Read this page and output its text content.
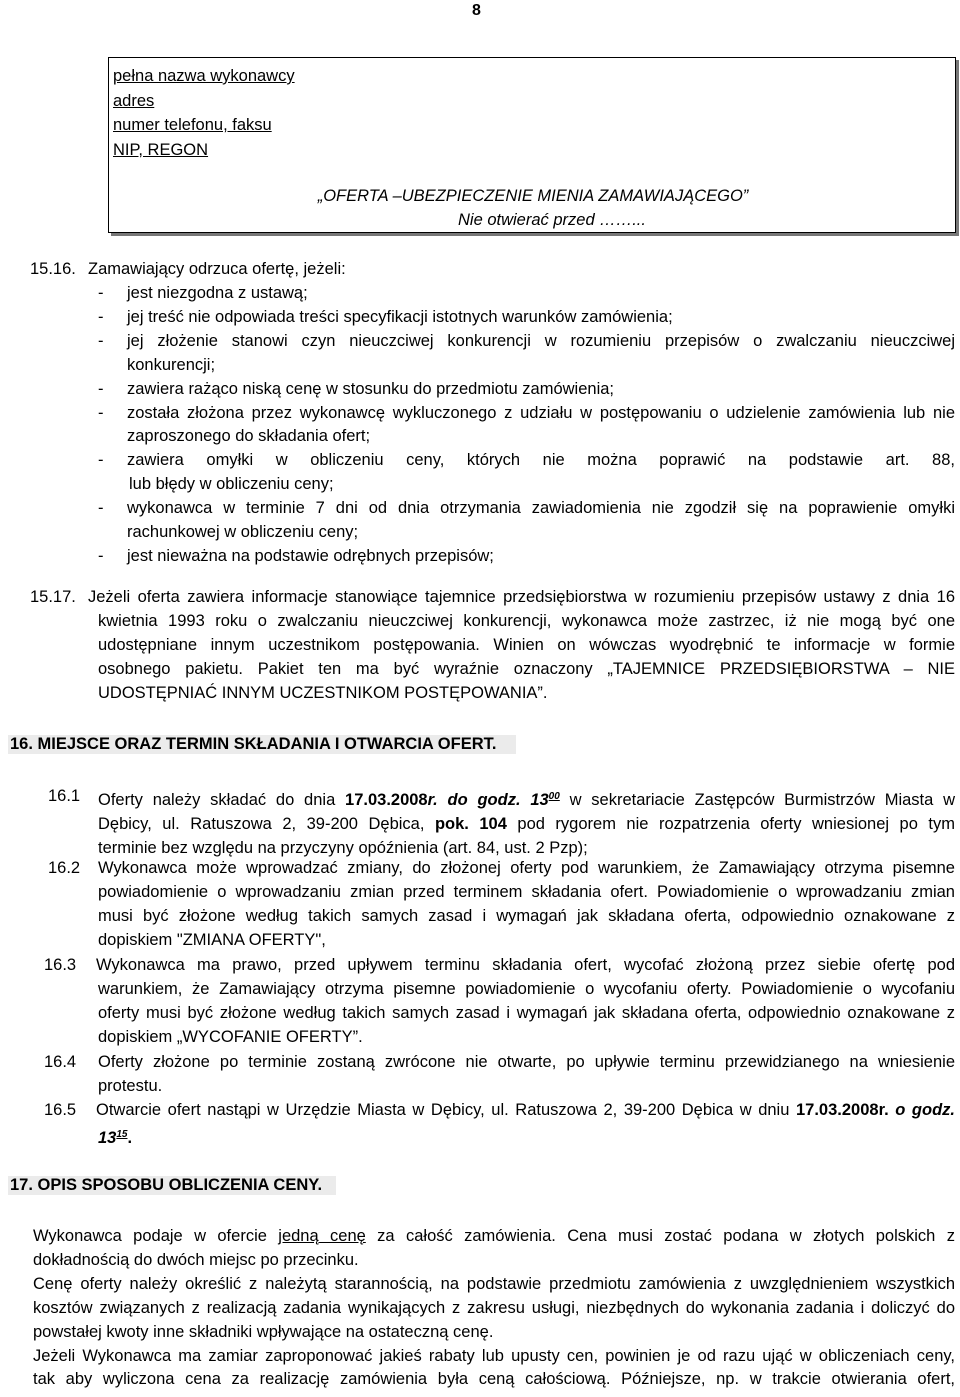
8
pełna nazwa wykonawcy
adres
numer telefonu, faksu
NIP, REGON
„OFERTA –UBEZPIECZENIE MIENIA ZAMAWIAJĄCEGO”
Nie otwierać przed ……...
15.16. Zamawiający odrzuca ofertę, jeżeli:
- jest niezgodna z ustawą;
- jej treść nie odpowiada treści specyfikacji istotnych warunków zamówienia;
- jej złożenie stanowi czyn nieuczciwej konkurencji w rozumieniu przepisów o zwalczaniu nieuczciwej
konkurencji;
- zawiera rażąco niską cenę w stosunku do przedmiotu zamówienia;
- została złożona przez wykonawcę wykluczonego z udziału w postępowaniu o udzielenie zamówienia lub nie
zaproszonego do składania ofert;
- zawiera omyłki w obliczeniu ceny, których nie można poprawić na podstawie art. 88,
lub błędy w obliczeniu ceny;
- wykonawca w terminie 7 dni od dnia otrzymania zawiadomienia nie zgodził się na poprawienie omyłki
rachunkowej w obliczeniu ceny;
- jest nieważna na podstawie odrębnych przepisów;
15.17. Jeżeli oferta zawiera informacje stanowiące tajemnice przedsiębiorstwa w rozumieniu przepisów ustawy z dnia 16
kwietnia 1993 roku o zwalczaniu nieuczciwej konkurencji, wykonawca może zastrzec, iż nie mogą być one
udostępniane innym uczestnikom postępowania. Winien on wówczas wyodrębnić te informacje w formie
osobnego pakietu. Pakiet ten ma być wyraźnie oznaczony „TAJEMNICE PRZEDSIĘBIORSTWA – NIE
UDOSTĘPNIAĆ INNYM UCZESTNIKOM POSTĘPOWANIA”.
16. MIEJSCE ORAZ TERMIN SKŁADANIA I OTWARCIA OFERT.
16.1 Oferty należy składać do dnia 17.03.2008r. do godz. $13^{00}$ w sekretariacie Zastępców Burmistrzów Miasta w
Dębicy, ul. Ratuszowa 2, 39-200 Dębica, pok. 104 pod rygorem nie rozpatrzenia oferty wniesionej po tym
terminie bez względu na przyczyny opóźnienia (art. 84, ust. 2 Pzp);
16.2 Wykonawca może wprowadzać zmiany, do złożonej oferty pod warunkiem, że Zamawiający otrzyma pisemne
powiadomienie o wprowadzaniu zmian przed terminem składania ofert. Powiadomienie o wprowadzaniu zmian
musi być złożone według takich samych zasad i wymagań jak składana oferta, odpowiednio oznakowane z
dopiskiem "ZMIANA OFERTY",
16.3 Wykonawca ma prawo, przed upływem terminu składania ofert, wycofać złożoną przez siebie ofertę pod
warunkiem, że Zamawiający otrzyma pisemne powiadomienie o wycofaniu oferty. Powiadomienie o wycofaniu
oferty musi być złożone według takich samych zasad i wymagań jak składana oferta, odpowiednio oznakowane z
dopiskiem „WYCOFANIE OFERTY”.
16.4 Oferty złożone po terminie zostaną zwrócone nie otwarte, po upływie terminu przewidzianego na wniesienie
protestu.
16.5 Otwarcie ofert nastąpi w Urzędzie Miasta w Dębicy, ul. Ratuszowa 2, 39-200 Dębica w dniu 17.03.2008r. o godz.
$13^{15}$.
17. OPIS SPOSOBU OBLICZENIA CENY.
Wykonawca podaje w ofercie jedną cenę za całość zamówienia. Cena musi zostać podana w złotych polskich z
dokładnością do dwóch miejsc po przecinku.
Cenę oferty należy określić z należytą starannością, na podstawie przedmiotu zamówienia z uwzględnieniem wszystkich
kosztów związanych z realizacją zadania wynikających z zakresu usługi, niezbędnych do wykonania zadania i doliczyć do
powstałej kwoty inne składniki wpływające na ostateczną cenę.
Jeżeli Wykonawca ma zamiar zaproponować jakieś rabaty lub upusty cen, powinien je od razu ująć w obliczeniach ceny,
tak aby wyliczona cena za realizację zamówienia była ceną całościową. Późniejsze, np. w trakcie otwierania ofert,
